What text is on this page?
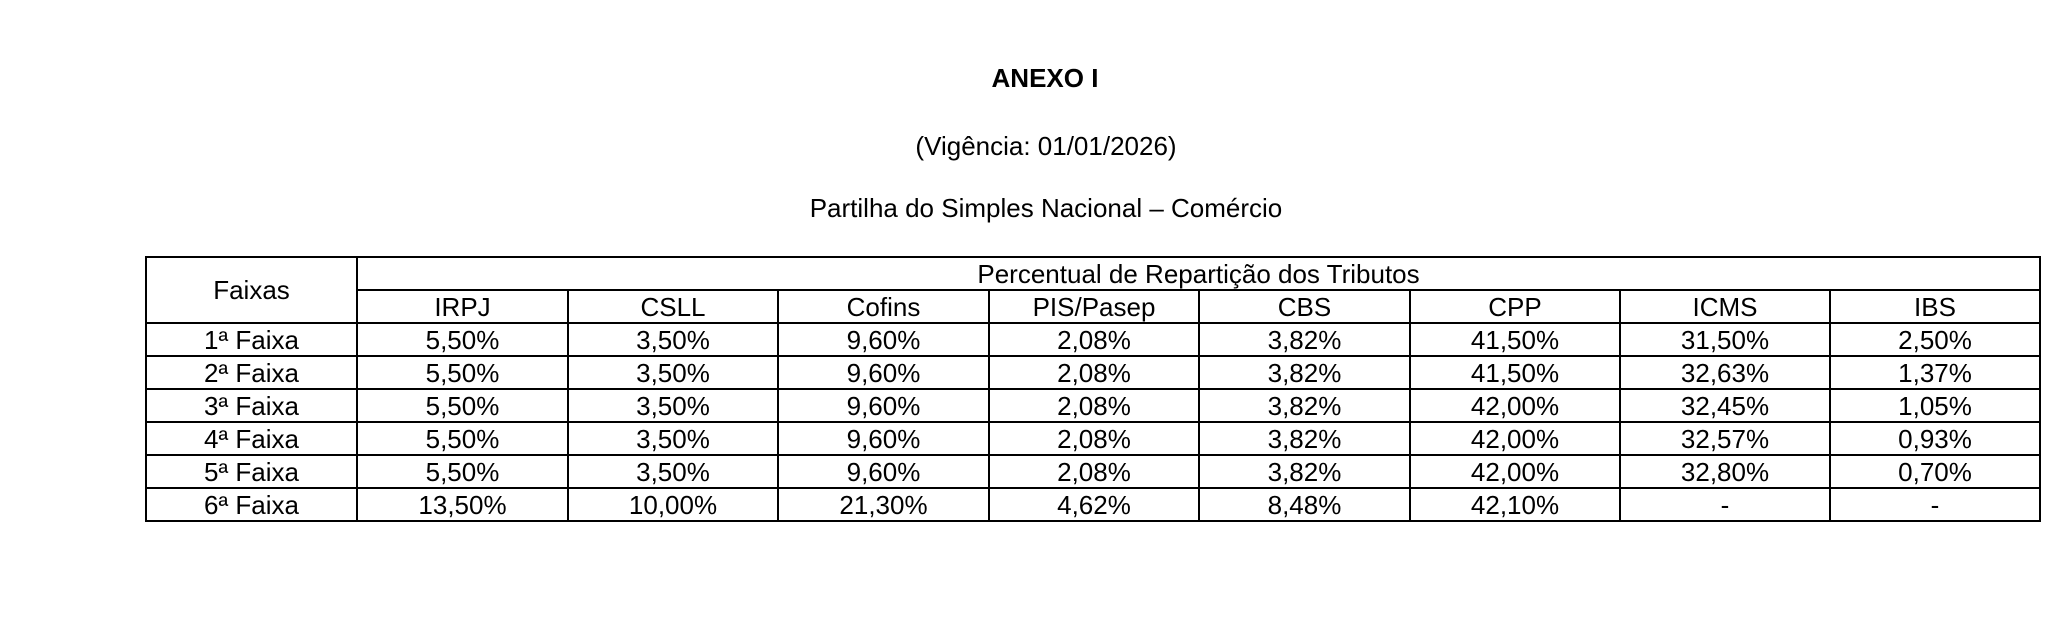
ANEXO I
(Vigência: 01/01/2026)
Partilha do Simples Nacional – Comércio
Faixas	Percentual de Repartição dos Tributos							
	IRPJ	CSLL	Cofins	PIS/Pasep	CBS	CPP	ICMS	IBS
1ª Faixa	5,50%	3,50%	9,60%	2,08%	3,82%	41,50%	31,50%	2,50%
2ª Faixa	5,50%	3,50%	9,60%	2,08%	3,82%	41,50%	32,63%	1,37%
3ª Faixa	5,50%	3,50%	9,60%	2,08%	3,82%	42,00%	32,45%	1,05%
4ª Faixa	5,50%	3,50%	9,60%	2,08%	3,82%	42,00%	32,57%	0,93%
5ª Faixa	5,50%	3,50%	9,60%	2,08%	3,82%	42,00%	32,80%	0,70%
6ª Faixa	13,50%	10,00%	21,30%	4,62%	8,48%	42,10%	-	-
